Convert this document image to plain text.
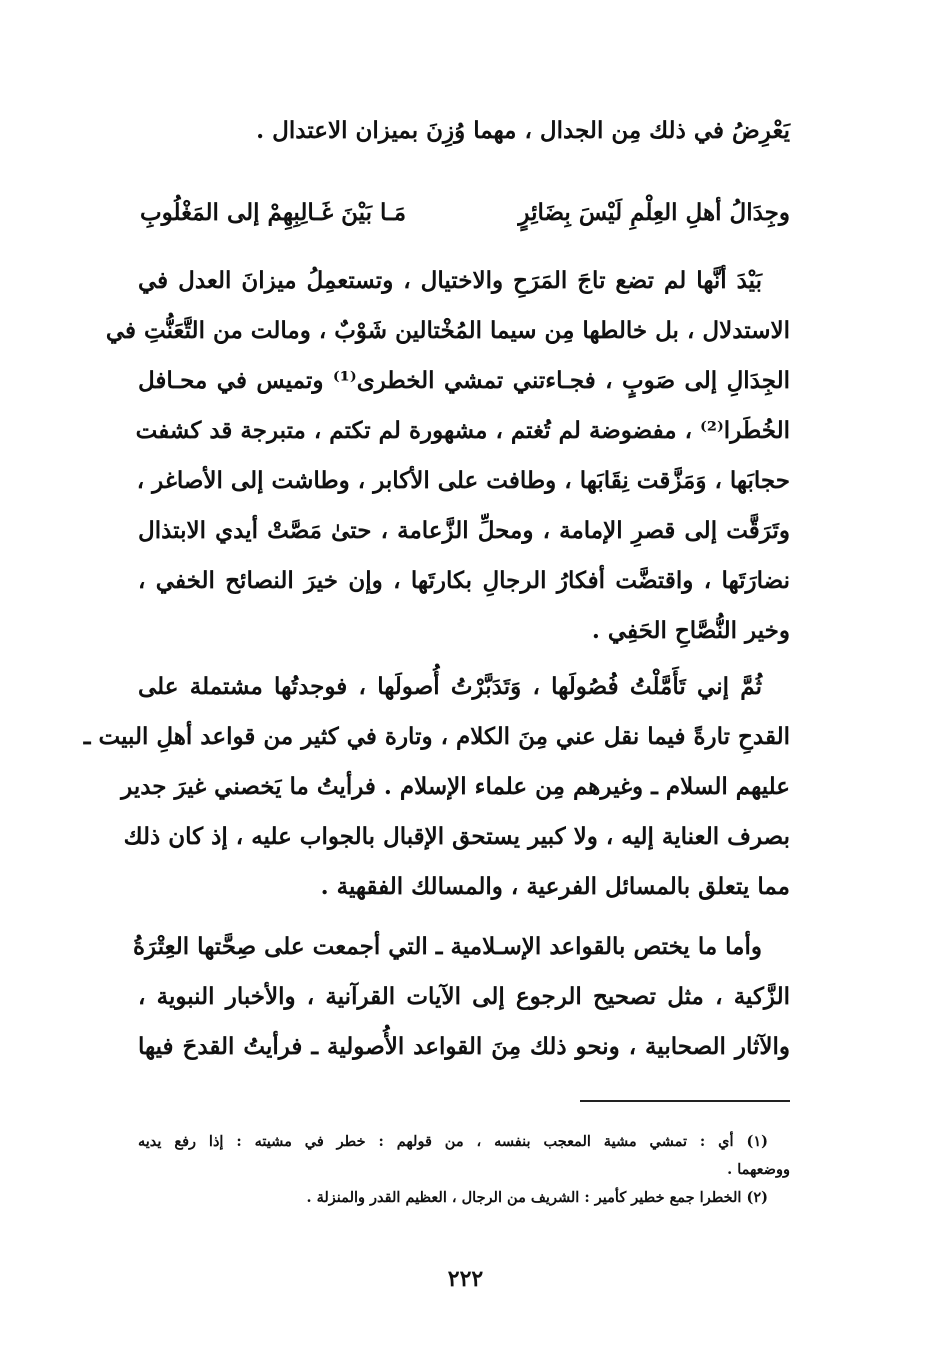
يَعْرِضُ في ذلك مِن الجدال ، مهما وُزِنَ بميزان الاعتدال .
وجِدَالُ أهلِ العِلْمِ لَيْسَ بِضَائِرٍ
مَـا بَيْنَ غَـالِبِهِمْ إلى المَغْلُوبِ
بَيْدَ أنَّها لم تضع تاجَ المَرَحِ والاختيال ، وتستعمِلُ ميزانَ العدل في
الاستدلال ، بل خالطها مِن سيما المُخْتالين شَوْبٌ ، ومالت من التَّعَنُّتِ في
الجِدَالِ إلى صَوبٍ ، فجـاءتني تمشي الخطرى⁽¹⁾ وتميس في محـافل
الخُطَرا⁽²⁾ ، مفضوضة لم تُغتم ، مشهورة لم تكتم ، متبرجة قد كشفت
حجابَها ، وَمَزَّقت نِقَابَها ، وطافت على الأكابر ، وطاشت إلى الأصاغر ،
وتَرَقَّت إلى قصرِ الإمامة ، ومحلِّ الزَّعامة ، حتىٰ مَصَّتْ أيدي الابتذال
نضارَتَها ، واقتضَّت أفكارُ الرجالِ بكارتَها ، وإن خيرَ النصائح الخفي ،
وخير النُّصَّاحِ الحَفِي .
ثُمَّ إني تَأَمَّلْتُ فُصُولَها ، وَتَدَبَّرْتُ أُصولَها ، فوجدتُها مشتملة على
القدحِ تارةً فيما نقل عني مِنَ الكلام ، وتارة في كثير من قواعد أهلِ البيت ـ
عليهم السلام ـ وغيرهم مِن علماء الإسلام . فرأيتُ ما يَخصني غيرَ جدير
بصرف العناية إليه ، ولا كبير يستحق الإقبال بالجواب عليه ، إذ كان ذلك
مما يتعلق بالمسائل الفرعية ، والمسالك الفقهية .
وأما ما يختص بالقواعد الإسـلامية ـ التي أجمعت على صِحَّتها العِتْرَةُ
الزَّكية ، مثل تصحيح الرجوع إلى الآيات القرآنية ، والأخبار النبوية ،
والآثار الصحابية ، ونحو ذلك مِنَ القواعد الأُصولية ـ فرأيتُ القدحَ فيها

(١) أي : تمشي مشية المعجب بنفسه ، من قولهم : خطر في مشيته : إذا رفع يديه

ووضعهما .

(٢) الخطرا جمع خطير كأمير : الشريف من الرجال ، العظيم القدر والمنزلة .

٢٢٢
